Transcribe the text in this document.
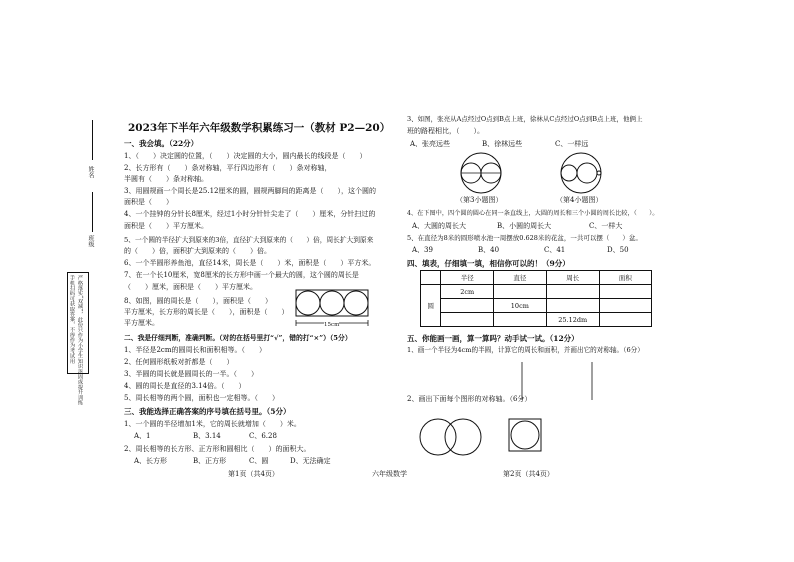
姓名
班级
严格落实“双减”，此份只作为小学生知识巩固或提升训练
手机扫码可获取答案，不得作为考试用
2023年下半年六年级数学积累练习一（教材 P2—20）
一、我会填。（22分）
1、（　　）决定圆的位置，（　　）决定圆的大小，圆内最长的线段是（　　）
2、长方形有（　　）条对称轴，平行四边形有（　　）条对称轴，
半圆有（　　）条对称轴。
3、用圆规画一个周长是25.12厘米的圆，圆规两脚间的距离是（　　），这个圆的
面积是（　　）
4、一个挂钟的分针长8厘米，经过1小时分针针尖走了（　　）厘米，分针扫过的
面积是（　　）平方厘米。
5、一个圆的半径扩大到原来的3倍，直径扩大到原来的（　　）倍，周长扩大到原来
的（　　）倍，面积扩大到原来的（　　）倍。
6、一个半圆形养鱼池，直径14米，周长是（　　）米，面积是（　　）平方米。
7、在一个长10厘米，宽8厘米的长方形中画一个最大的圆，这个圆的周长是
（　　）厘米，面积是（　　）平方厘米。
8、如图，圆的周长是（　　），面积是（　　）
平方厘米，长方形的周长是（　　），面积是（　　）
平方厘米。	15cm
二、我是仔细判断，准确判断。（对的在括号里打“√”，错的打“×”）（5分）
1、半径是2cm的圆周长和面积相等。（　　）
2、任何圆形纸板对折都是（　　）
3、半圆的周长就是圆周长的一半。（　　）
4、圆的周长是直径的3.14倍。（　　）
5、周长相等的两个圆，面积也一定相等。（　　）
三、我能选择正确答案的序号填在括号里。（5分）
1、一个圆的半径增加1米，它的周长就增加（　　）米。
A、1	B、3.14	C、6.28
2、周长相等的长方形、正方形和圆相比（　　）的面积大。
A、长方形	B、正方形	C、圆	D、无法确定
第1页（共4页）	六年级数学	第2页（共4页）
3、如图，张亮从A点经过O点到B点上班，徐林从C点经过O点到B点上班，他俩上
班的路程相比，（　　）。
A、张亮远些	B、徐林远些	C、一样远
（第3小题图）	（第4小题图）
4、在下图中，四个圆的圆心在同一条直线上，大圆的周长和三个小圆的周长比较，（　　）。
A、大圆的周长大	B、小圆的周长大	C、一样大
5、在直径为8米的圆形喷水池一周摆放0.628米的花盆，一共可以摆（　　）盆。
A、39	B、40	C、41	D、50
四、填表，仔细填一填，相信你可以的！（9分）
	半径	直径	周长	面积
圆	2cm			
		10cm		
			25.12dm	
五、你能画一画，算一算吗？动手试一试。（12分）
1、画一个半径为4cm的半圆，计算它的周长和面积，并画出它的对称轴。（6分）
2、画出下面每个图形的对称轴。（6分）
